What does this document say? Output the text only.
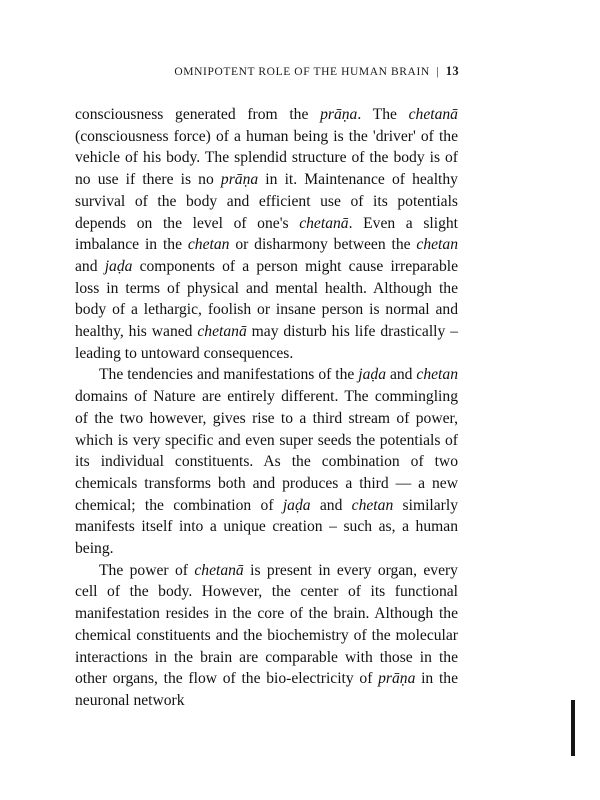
OMNIPOTENT ROLE OF THE HUMAN BRAIN | 13

consciousness generated from the prāṇa. The chetanā (consciousness force) of a human being is the 'driver' of the vehicle of his body. The splendid structure of the body is of no use if there is no prāṇa in it. Maintenance of healthy survival of the body and efficient use of its potentials depends on the level of one's chetanā. Even a slight imbalance in the chetan or disharmony between the chetan and jaḍa components of a person might cause irreparable loss in terms of physical and mental health. Although the body of a lethargic, foolish or insane person is normal and healthy, his waned chetanā may disturb his life drastically – leading to untoward consequences.

The tendencies and manifestations of the jaḍa and chetan domains of Nature are entirely different. The commingling of the two however, gives rise to a third stream of power, which is very specific and even super seeds the potentials of its individual constituents. As the combination of two chemicals transforms both and produces a third — a new chemical; the combination of jaḍa and chetan similarly manifests itself into a unique creation – such as, a human being.

The power of chetanā is present in every organ, every cell of the body. However, the center of its functional manifestation resides in the core of the brain. Although the chemical constituents and the biochemistry of the molecular interactions in the brain are comparable with those in the other organs, the flow of the bio-electricity of prāṇa in the neuronal network
